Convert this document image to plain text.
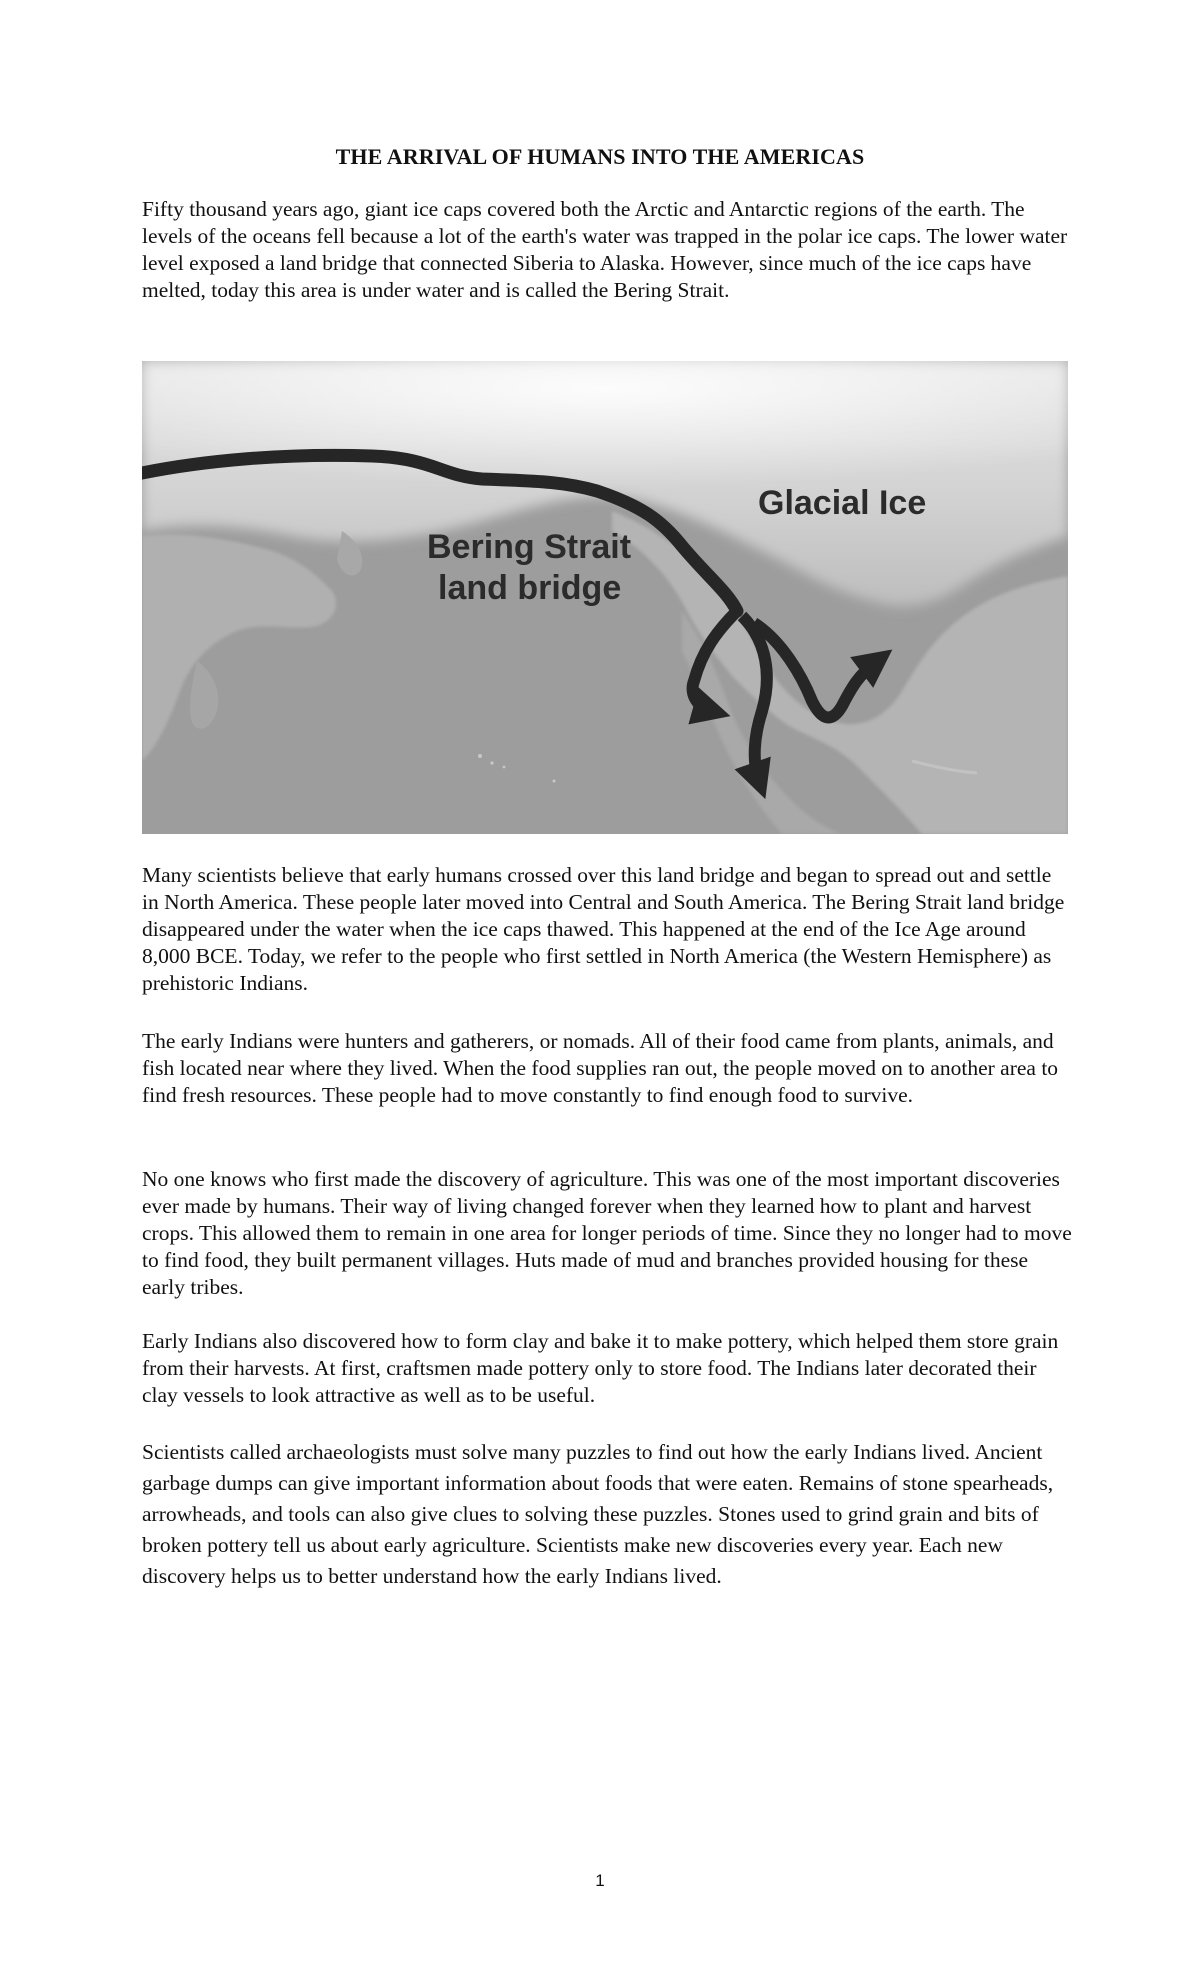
THE ARRIVAL OF HUMANS INTO THE AMERICAS

Fifty thousand years ago, giant ice caps covered both the Arctic and Antarctic regions of the earth. The levels of the oceans fell because a lot of the earth's water was trapped in the polar ice caps. The lower water level exposed a land bridge that connected Siberia to Alaska. However, since much of the ice caps have melted, today this area is under water and is called the Bering Strait.

Bering Strait
land bridge
Glacial Ice

Many scientists believe that early humans crossed over this land bridge and began to spread out and settle in North America. These people later moved into Central and South America. The Bering Strait land bridge disappeared under the water when the ice caps thawed. This happened at the end of the Ice Age around 8,000 BCE. Today, we refer to the people who first settled in North America (the Western Hemisphere) as prehistoric Indians.

The early Indians were hunters and gatherers, or nomads. All of their food came from plants, animals, and fish located near where they lived. When the food supplies ran out, the people moved on to another area to find fresh resources. These people had to move constantly to find enough food to survive.

No one knows who first made the discovery of agriculture. This was one of the most important discoveries ever made by humans. Their way of living changed forever when they learned how to plant and harvest crops. This allowed them to remain in one area for longer periods of time. Since they no longer had to move to find food, they built permanent villages. Huts made of mud and branches provided housing for these early tribes.

Early Indians also discovered how to form clay and bake it to make pottery, which helped them store grain from their harvests. At first, craftsmen made pottery only to store food. The Indians later decorated their clay vessels to look attractive as well as to be useful.

Scientists called archaeologists must solve many puzzles to find out how the early Indians lived. Ancient garbage dumps can give important information about foods that were eaten. Remains of stone spearheads, arrowheads, and tools can also give clues to solving these puzzles. Stones used to grind grain and bits of broken pottery tell us about early agriculture. Scientists make new discoveries every year. Each new discovery helps us to better understand how the early Indians lived.

1
